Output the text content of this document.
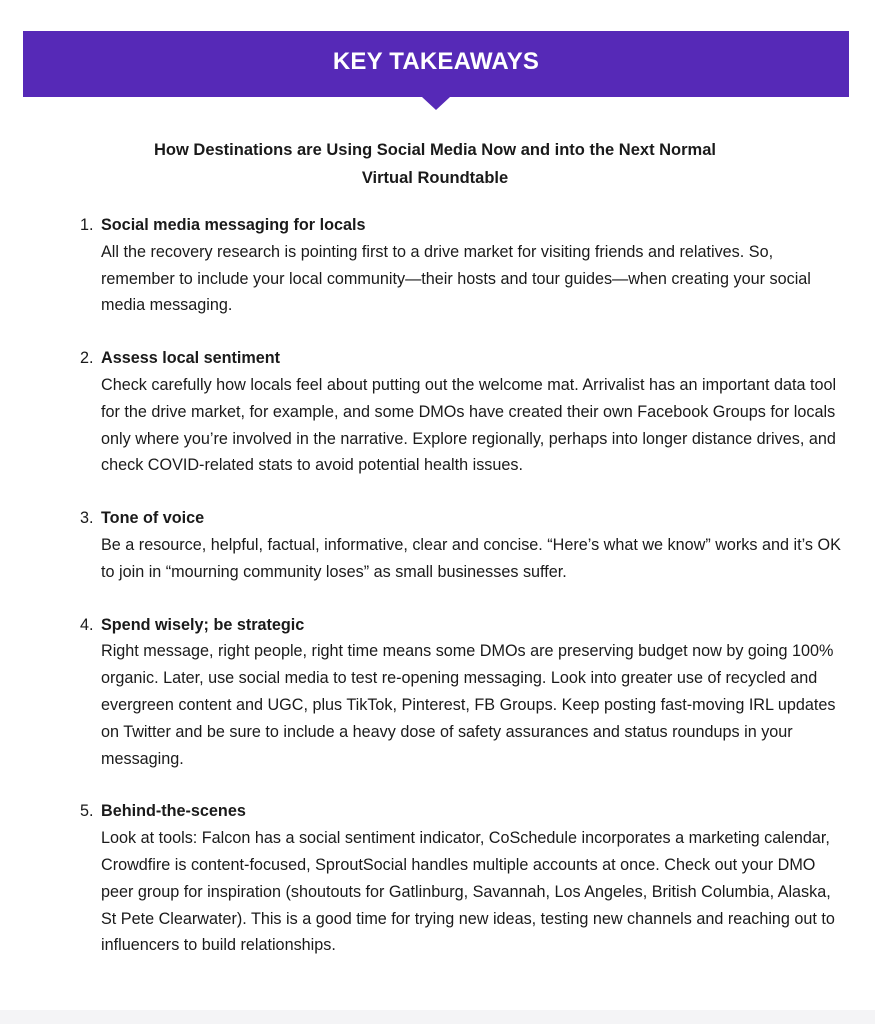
KEY TAKEAWAYS
How Destinations are Using Social Media Now and into the Next Normal
Virtual Roundtable
1. Social media messaging for locals
All the recovery research is pointing first to a drive market for visiting friends and relatives. So, remember to include your local community—their hosts and tour guides—when creating your social media messaging.
2. Assess local sentiment
Check carefully how locals feel about putting out the welcome mat. Arrivalist has an important data tool for the drive market, for example, and some DMOs have created their own Facebook Groups for locals only where you’re involved in the narrative. Explore regionally, perhaps into longer distance drives, and check COVID-related stats to avoid potential health issues.
3. Tone of voice
Be a resource, helpful, factual, informative, clear and concise. “Here’s what we know” works and it’s OK to join in “mourning community loses” as small businesses suffer.
4. Spend wisely; be strategic
Right message, right people, right time means some DMOs are preserving budget now by going 100% organic. Later, use social media to test re-opening messaging. Look into greater use of recycled and evergreen content and UGC, plus TikTok, Pinterest, FB Groups. Keep posting fast-moving IRL updates on Twitter and be sure to include a heavy dose of safety assurances and status roundups in your messaging.
5. Behind-the-scenes
Look at tools: Falcon has a social sentiment indicator, CoSchedule incorporates a marketing calendar, Crowdfire is content-focused, SproutSocial handles multiple accounts at once. Check out your DMO peer group for inspiration (shoutouts for Gatlinburg, Savannah, Los Angeles, British Columbia, Alaska, St Pete Clearwater). This is a good time for trying new ideas, testing new channels and reaching out to influencers to build relationships.
